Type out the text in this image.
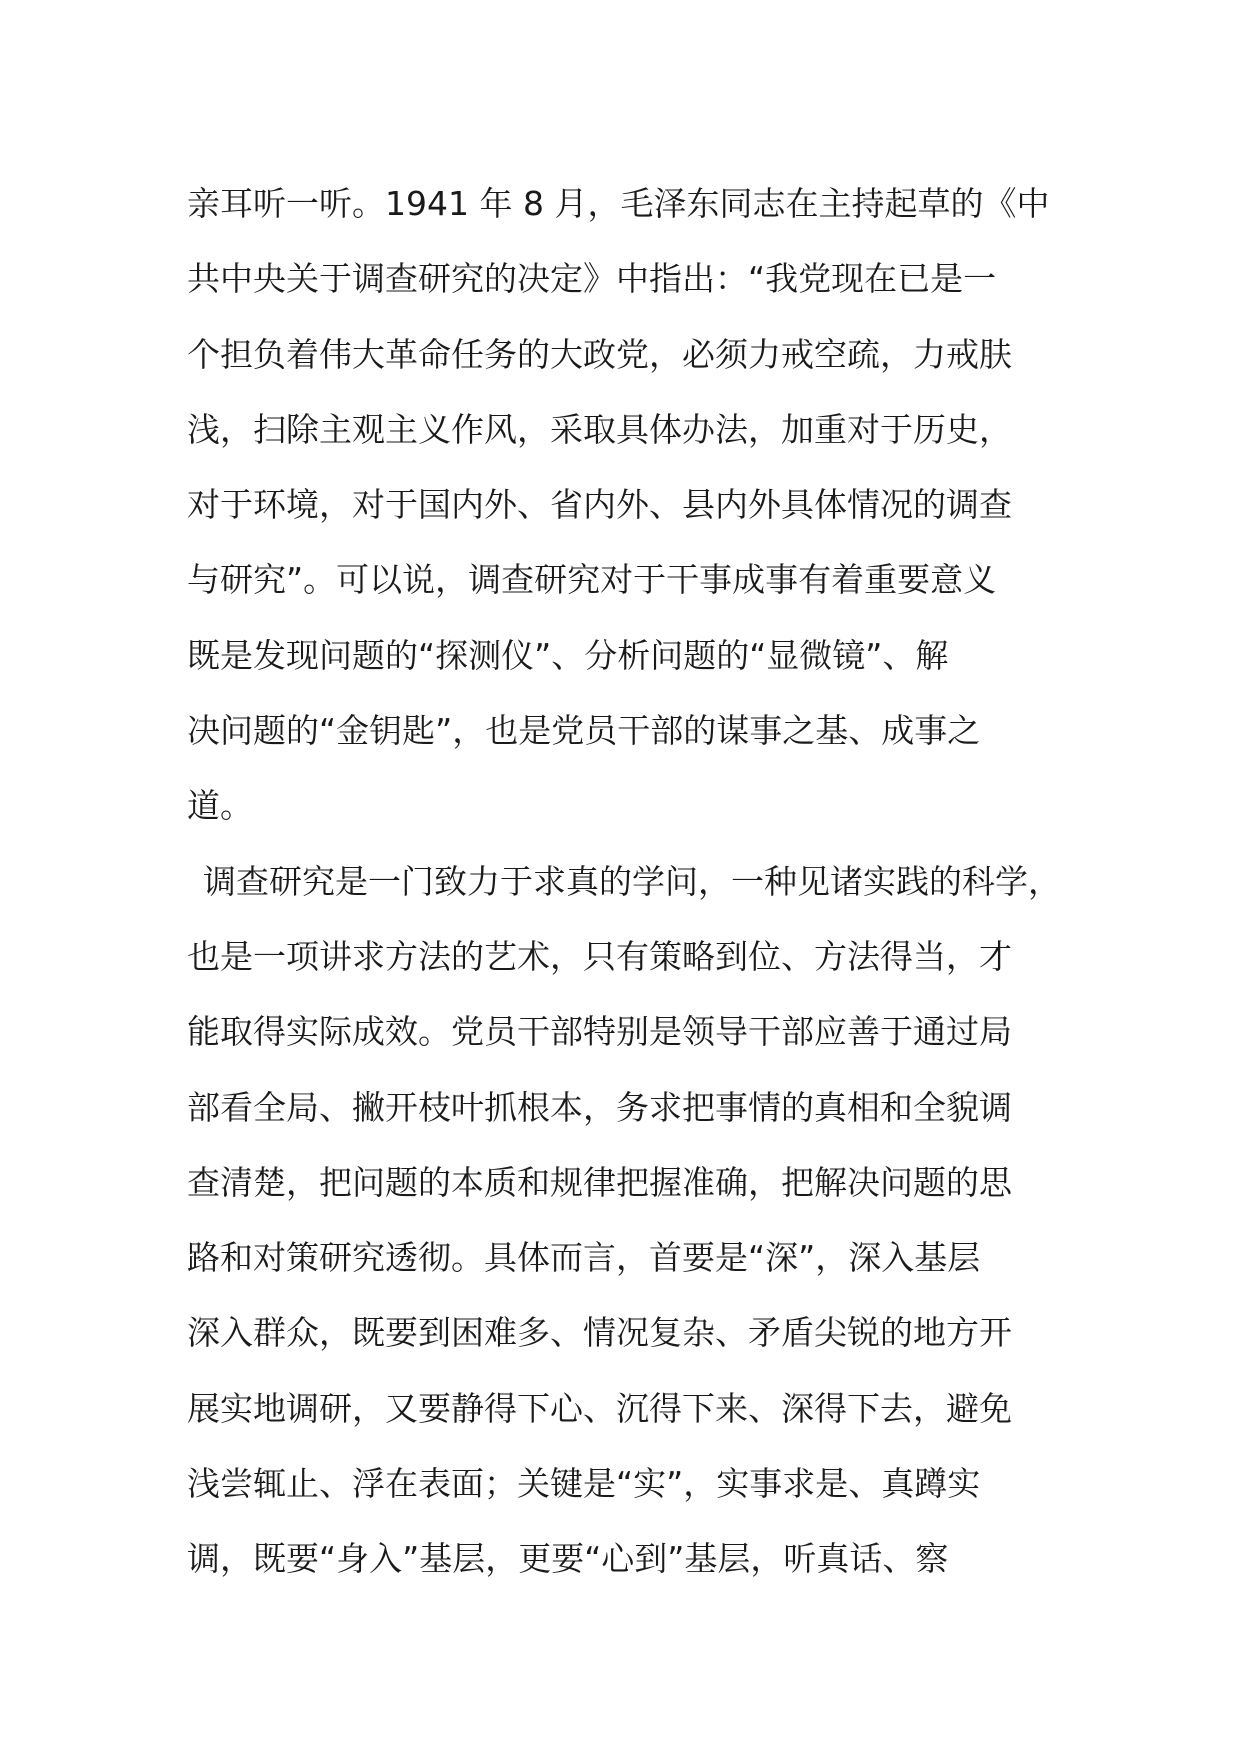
亲耳听一听。1941 年 8 月，毛泽东同志在主持起草的《中
共中央关于调查研究的决定》中指出：“我党现在已是一
个担负着伟大革命任务的大政党，必须力戒空疏，力戒肤
浅，扫除主观主义作风，采取具体办法，加重对于历史，
对于环境，对于国内外、省内外、县内外具体情况的调查
与研究”。可以说，调查研究对于干事成事有着重要意义
既是发现问题的“探测仪”、分析问题的“显微镜”、解
决问题的“金钥匙”，也是党员干部的谋事之基、成事之
道。
调查研究是一门致力于求真的学问，一种见诸实践的科学，
也是一项讲求方法的艺术，只有策略到位、方法得当，才
能取得实际成效。党员干部特别是领导干部应善于通过局
部看全局、撇开枝叶抓根本，务求把事情的真相和全貌调
查清楚，把问题的本质和规律把握准确，把解决问题的思
路和对策研究透彻。具体而言，首要是“深”，深入基层
深入群众，既要到困难多、情况复杂、矛盾尖锐的地方开
展实地调研，又要静得下心、沉得下来、深得下去，避免
浅尝辄止、浮在表面；关键是“实”，实事求是、真蹲实
调，既要“身入”基层，更要“心到”基层，听真话、察
